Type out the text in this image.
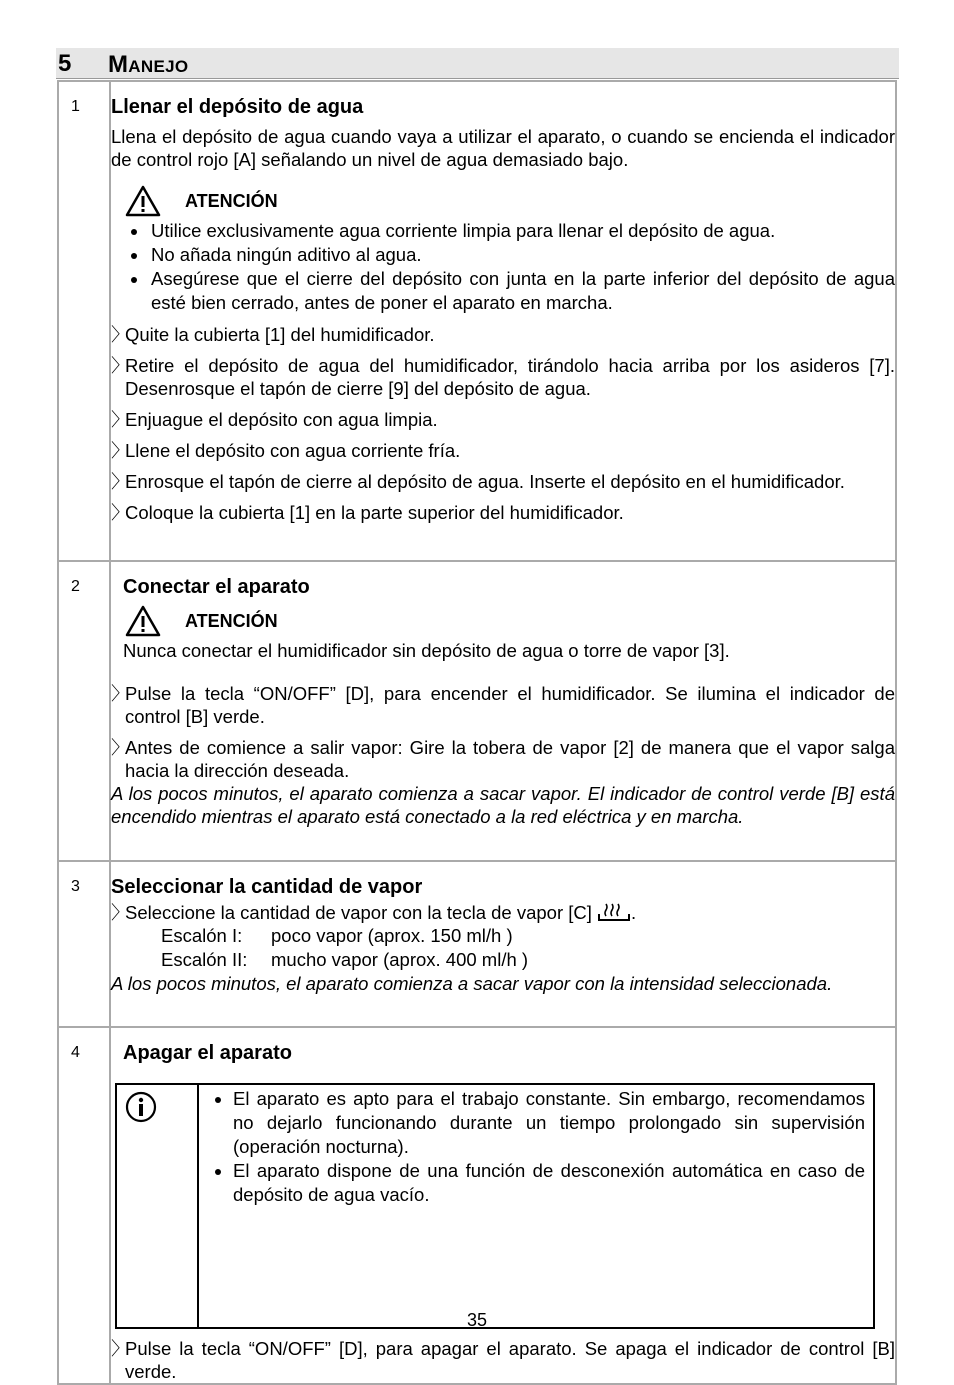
5 Manejo
1	Llenar el depósito de agua

Llena el depósito de agua cuando vaya a utilizar el aparato, o cuando se encienda el indicador de control rojo [A] señalando un nivel de agua demasiado bajo.

ATENCIÓN
• Utilice exclusivamente agua corriente limpia para llenar el depósito de agua.
• No añada ningún aditivo al agua.
• Asegúrese que el cierre del depósito con junta en la parte inferior del depósito de agua esté bien cerrado, antes de poner el aparato en marcha.
〉
Quite la cubierta [1] del humidificador.
〉
Retire el depósito de agua del humidificador, tirándolo hacia arriba por los asideros [7]. Desenrosque el tapón de cierre [9] del depósito de agua.
〉
Enjuague el depósito con agua limpia.
〉
Llene el depósito con agua corriente fría.
〉
Enrosque el tapón de cierre al depósito de agua. Inserte el depósito en el humidificador.
〉
Coloque la cubierta [1] en la parte superior del humidificador.

2	Conectar el aparato
ATENCIÓN
Nunca conectar el humidificador sin depósito de agua o torre de vapor [3].
〉
Pulse la tecla “ON/OFF” [D], para encender el humidificador. Se ilumina el indicador de control [B] verde.
〉
Antes de comience a salir vapor: Gire la tobera de vapor [2] de manera que el vapor salga hacia la dirección deseada.
A los pocos minutos, el aparato comienza a sacar vapor. El indicador de control verde [B] está encendido mientras el aparato está conectado a la red eléctrica y en marcha.

3	Seleccionar la cantidad de vapor
〉
Seleccione la cantidad de vapor con la tecla de vapor [C] .
Escalón I: poco vapor (aprox. 150 ml/h )
Escalón II: mucho vapor (aprox. 400 ml/h )
A los pocos minutos, el aparato comienza a sacar vapor con la intensidad seleccionada.

4	Apagar el aparato

• El aparato es apto para el trabajo constante. Sin embargo, recomendamos no dejarlo funcionando durante un tiempo prolongado sin supervisión (operación nocturna).
• El aparato dispone de una función de desconexión automática en caso de depósito de agua vacío.
〉
Pulse la tecla “ON/OFF” [D], para apagar el aparato. Se apaga el indicador de control [B] verde.
35
